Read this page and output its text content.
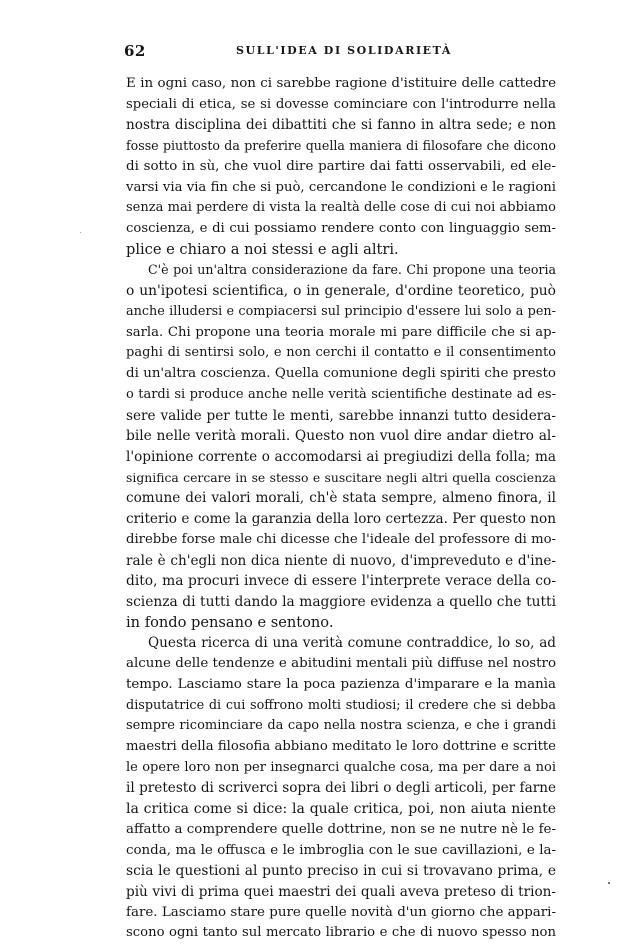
62	SULL'IDEA DI SOLIDARIETÀ
E in ogni caso, non ci sarebbe ragione d'istituire delle cattedre
speciali di etica, se si dovesse cominciare con l'introdurre nella
nostra disciplina dei dibattiti che si fanno in altra sede; e non
fosse piuttosto da preferire quella maniera di filosofare che dicono
di sotto in sù, che vuol dire partire dai fatti osservabili, ed ele-
varsi via via fin che si può, cercandone le condizioni e le ragioni
senza mai perdere di vista la realtà delle cose di cui noi abbiamo
coscienza, e di cui possiamo rendere conto con linguaggio sem-
plice e chiaro a noi stessi e agli altri.
C'è poi un'altra considerazione da fare. Chi propone una teoria
o un'ipotesi scientifica, o in generale, d'ordine teoretico, può
anche illudersi e compiacersi sul principio d'essere lui solo a pen-
sarla. Chi propone una teoria morale mi pare difficile che si ap-
paghi di sentirsi solo, e non cerchi il contatto e il consentimento
di un'altra coscienza. Quella comunione degli spiriti che presto
o tardi si produce anche nelle verità scientifiche destinate ad es-
sere valide per tutte le menti, sarebbe innanzi tutto desidera-
bile nelle verità morali. Questo non vuol dire andar dietro al-
l'opinione corrente o accomodarsi ai pregiudizi della folla; ma
significa cercare in se stesso e suscitare negli altri quella coscienza
comune dei valori morali, ch'è stata sempre, almeno finora, il
criterio e come la garanzia della loro certezza. Per questo non
direbbe forse male chi dicesse che l'ideale del professore di mo-
rale è ch'egli non dica niente di nuovo, d'impreveduto e d'ine-
dito, ma procuri invece di essere l'interprete verace della co-
scienza di tutti dando la maggiore evidenza a quello che tutti
in fondo pensano e sentono.
Questa ricerca di una verità comune contraddice, lo so, ad
alcune delle tendenze e abitudini mentali più diffuse nel nostro
tempo. Lasciamo stare la poca pazienza d'imparare e la manìa
disputatrice di cui soffrono molti studiosi; il credere che si debba
sempre ricominciare da capo nella nostra scienza, e che i grandi
maestri della filosofia abbiano meditato le loro dottrine e scritte
le opere loro non per insegnarci qualche cosa, ma per dare a noi
il pretesto di scriverci sopra dei libri o degli articoli, per farne
la critica come si dice: la quale critica, poi, non aiuta niente
affatto a comprendere quelle dottrine, non se ne nutre nè le fe-
conda, ma le offusca e le imbroglia con le sue cavillazioni, e la-
scia le questioni al punto preciso in cui si trovavano prima, e
più vivi di prima quei maestri dei quali aveva preteso di trion-
fare. Lasciamo stare pure quelle novità d'un giorno che appari-
scono ogni tanto sul mercato librario e che di nuovo spesso non
